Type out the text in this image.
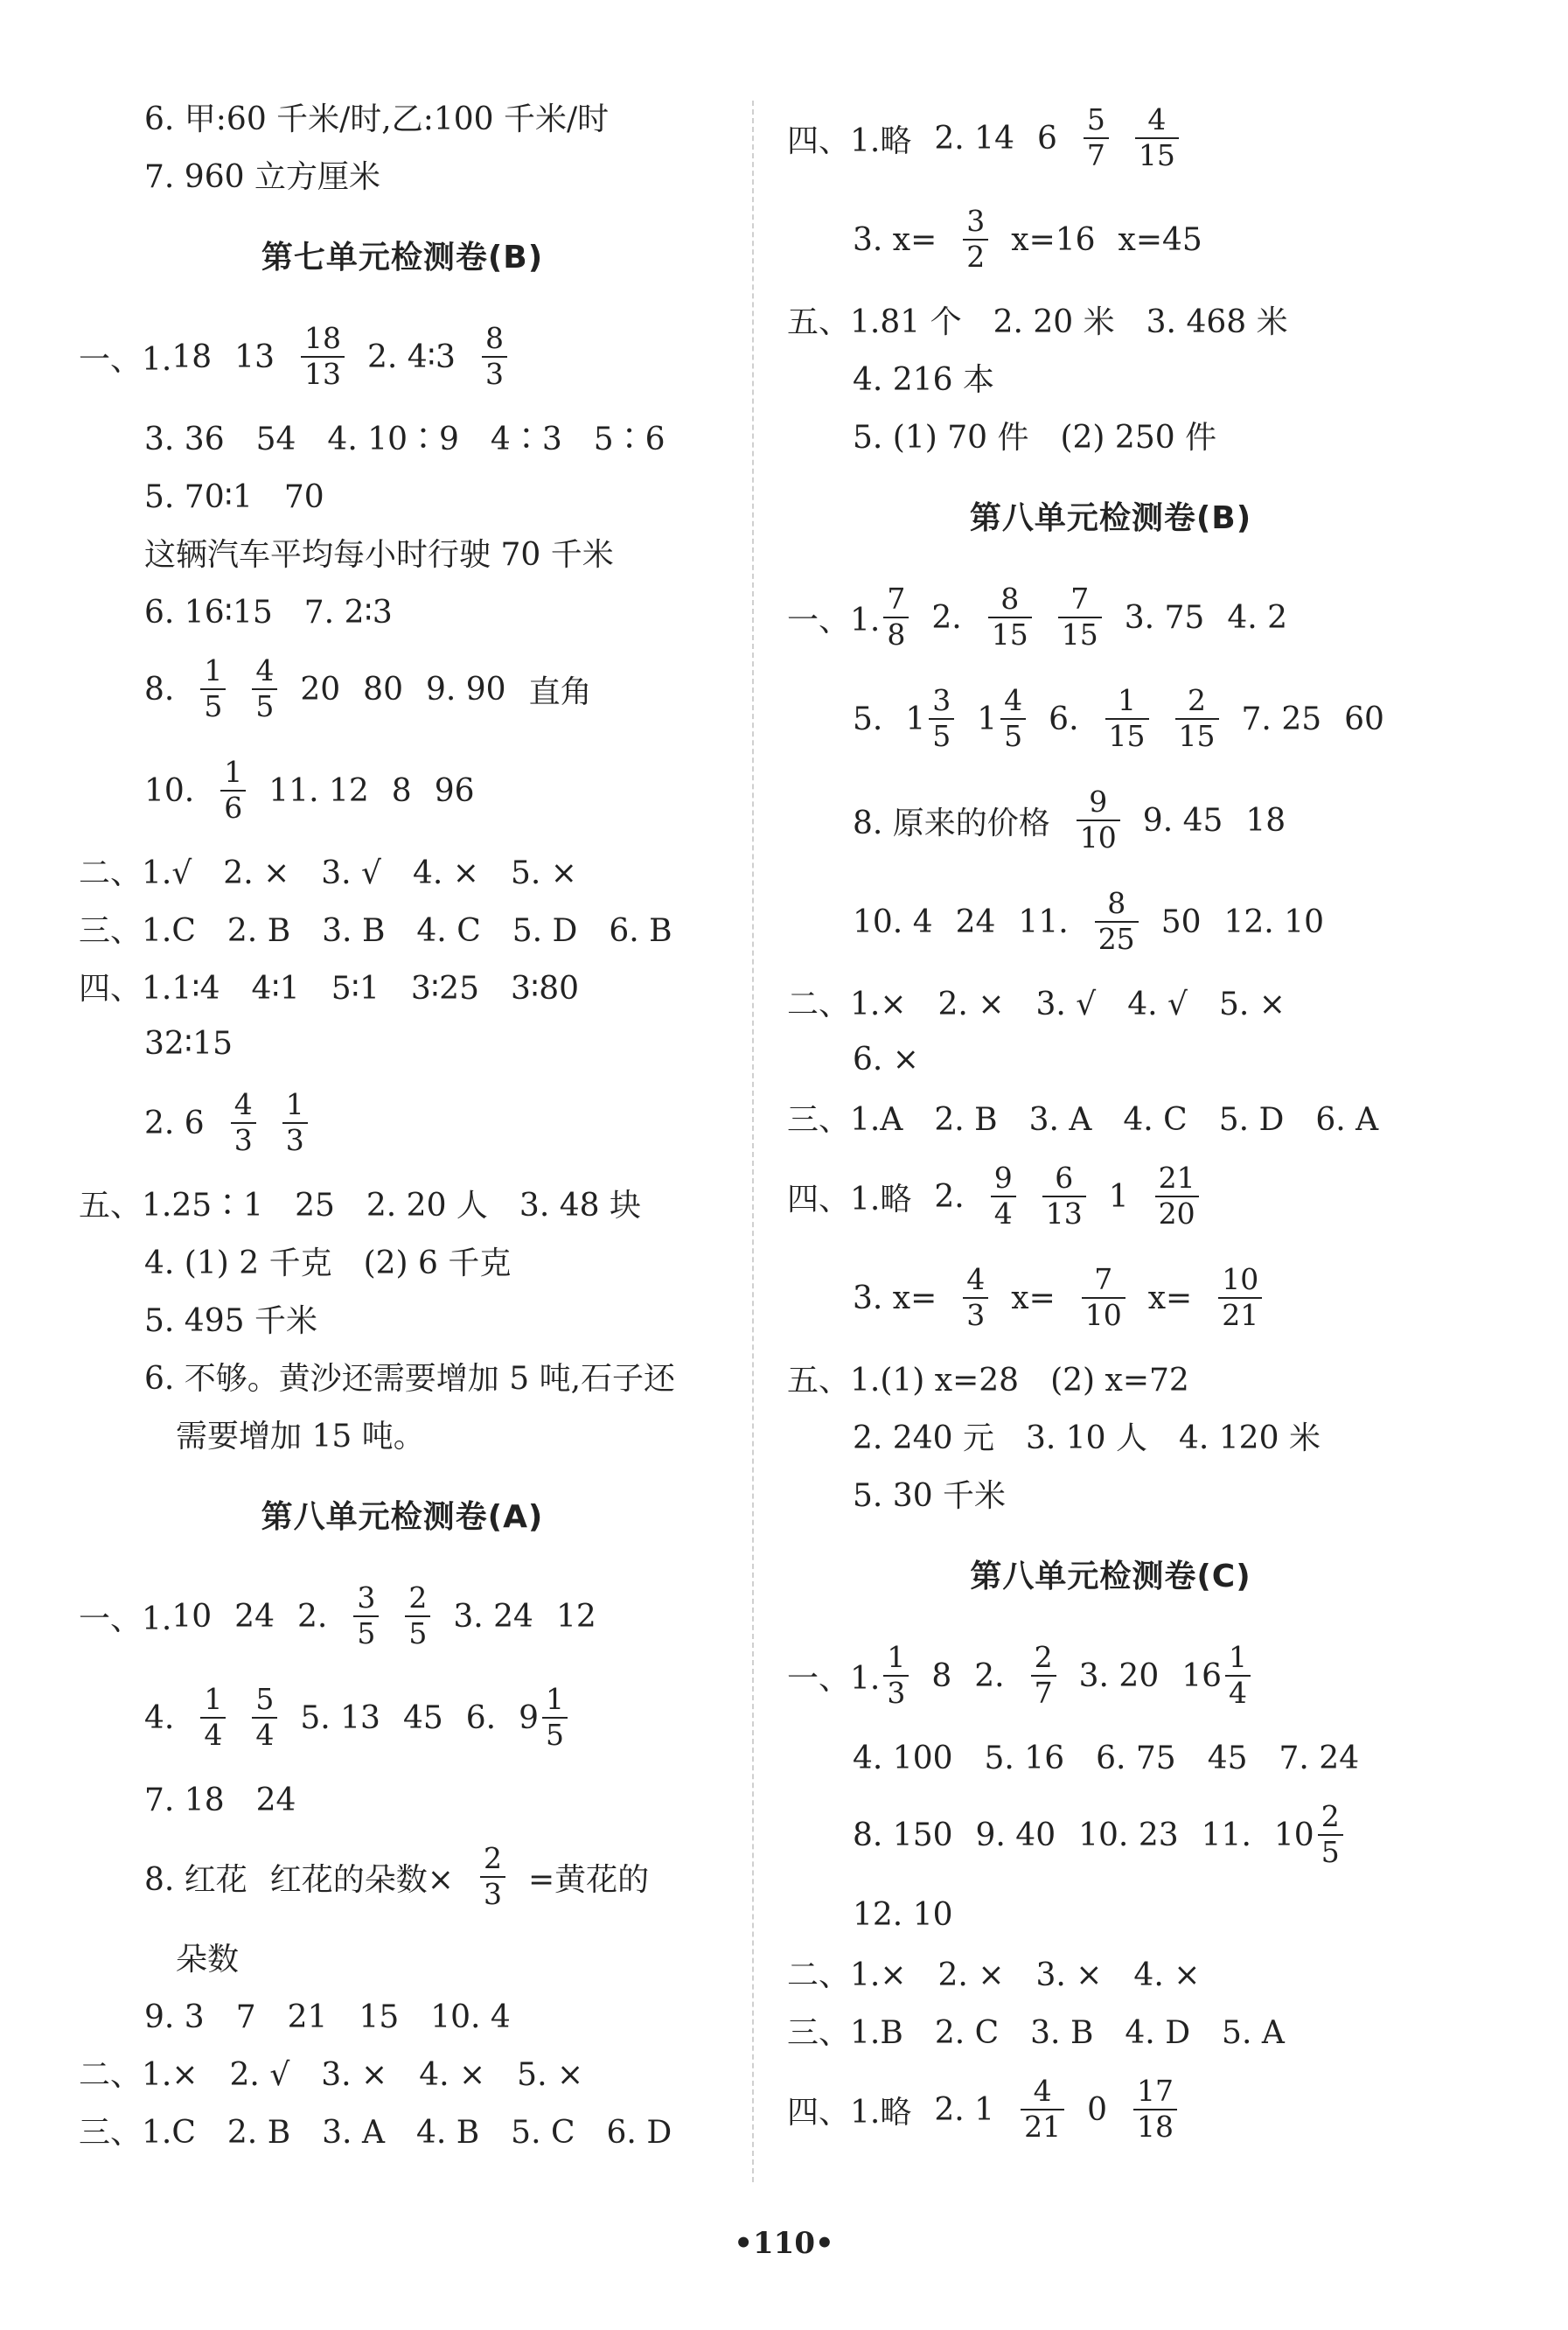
6. 甲:60 千米/时,乙:100 千米/时
7. 960 立方厘米
第七单元检测卷(B)
一、1. 18 $13 \frac{18}{13} 2$. 4∶3 $\frac{8}{3}$
3. 36　54　4. 10∶9　4∶3　5∶6
5. 70∶1　70
这辆汽车平均每小时行驶 70 千米
6. 16∶15　7. 2∶3
8. $\frac{1}{5} \frac{4}{5} 20$ 80 9. 90 直角
10. $\frac{1}{6} 11$. 12 8 96
二、1. √　2. ×　3. √　4. ×　5. ×
三、1. C　2. B　3. B　4. C　5. D　6. B
四、1. 1∶4　4∶1　5∶1　3∶25　3∶80
32∶15
2. $6 \frac{4}{3} \frac{1}{3}$
五、1. 25∶1　25　2. 20 人　3. 48 块
4. (1) 2 千克　(2) 6 千克
5. 495 千米
6. 不够。黄沙还需要增加 5 吨,石子还
　需要增加 15 吨。
第八单元检测卷(A)
一、1. 10 24 2. $\frac{3}{5} \frac{2}{5} 3$. 24 12
4. $\frac{1}{4} \frac{5}{4} 5$. 13 45 6. $9 \frac{1}{5}$
7. 18　24
8. 红花 红花的朵数× $\frac{2}{3}$ =黄花的
　朵数
9. 3　7　21　15　10. 4
二、1. ×　2. √　3. ×　4. ×　5. ×
三、1. C　2. B　3. A　4. B　5. C　6. D
四、1. 略 2. 14 $6 \frac{5}{7} \frac{4}{15}$
3. $x= \frac{3}{2} x=16$ x=45
五、1. 81 个　2. 20 米　3. 468 米
4. 216 本
5. (1) 70 件　(2) 250 件
第八单元检测卷(B)
一、1. $\frac{7}{8} 2$. $\frac{8}{15} \frac{7}{15} 3$. 75 4. 2
5. $1 \frac{3}{5} 1 \frac{4}{5} 6$. $\frac{1}{15} \frac{2}{15} 7$. 25 60
8. 原来的价格 $\frac{9}{10} 9$. 45 18
10. 4 24 11. $\frac{8}{25} 50$ 12. 10
二、1. ×　2. ×　3. √　4. √　5. ×
6. ×
三、1. A　2. B　3. A　4. C　5. D　6. A
四、1. 略 2. $\frac{9}{4} \frac{6}{13} 1 \frac{21}{20}$
3. $x= \frac{4}{3} x= \frac{7}{10} x= \frac{10}{21}$
五、1. (1) x=28　(2) x=72
2. 240 元　3. 10 人　4. 120 米
5. 30 千米
第八单元检测卷(C)
一、1. $\frac{1}{3} 8$ 2. $\frac{2}{7} 3$. 20 $16 \frac{1}{4}$
4. 100　5. 16　6. 75　45　7. 24
8. 150 9. 40 10. 23 11. $10 \frac{2}{5}$
12. 10
二、1. ×　2. ×　3. ×　4. ×
三、1. B　2. C　3. B　4. D　5. A
四、1. 略 2. $1 \frac{4}{21} 0 \frac{17}{18}$
•110•
